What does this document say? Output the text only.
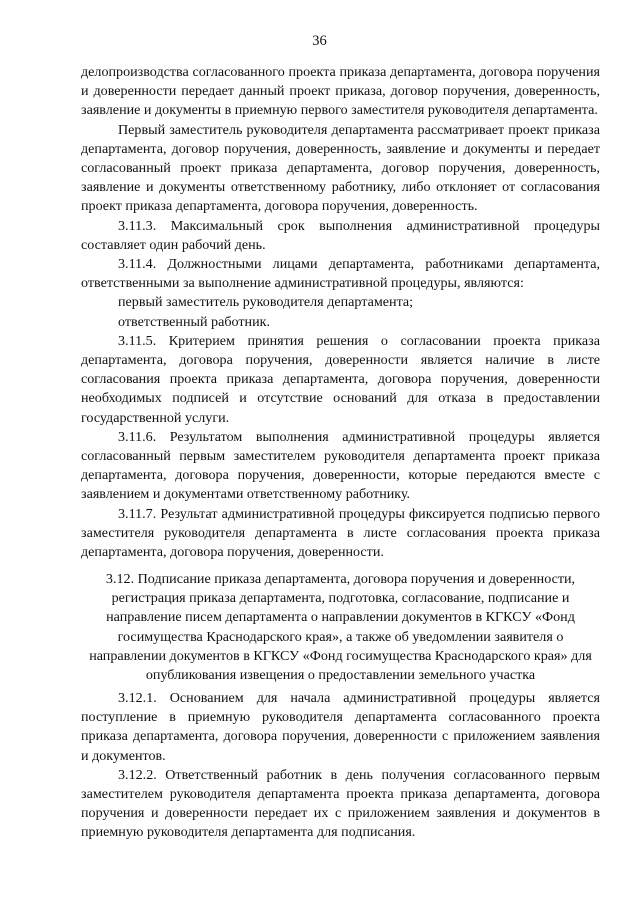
36

делопроизводства согласованного проекта приказа департамента, договора поручения и доверенности передает данный проект приказа, договор поручения, доверенность, заявление и документы в приемную первого заместителя руководителя департамента.

Первый заместитель руководителя департамента рассматривает проект приказа департамента, договор поручения, доверенность, заявление и документы и передает согласованный проект приказа департамента, договор поручения, доверенность, заявление и документы ответственному работнику, либо отклоняет от согласования проект приказа департамента, договора поручения, доверенность.

3.11.3. Максимальный срок выполнения административной процедуры составляет один рабочий день.

3.11.4. Должностными лицами департамента, работниками департамента, ответственными за выполнение административной процедуры, являются:

первый заместитель руководителя департамента;

ответственный работник.

3.11.5. Критерием принятия решения о согласовании проекта приказа департамента, договора поручения, доверенности является наличие в листе согласования проекта приказа департамента, договора поручения, доверенности необходимых подписей и отсутствие оснований для отказа в предоставлении государственной услуги.

3.11.6. Результатом выполнения административной процедуры является согласованный первым заместителем руководителя департамента проект приказа департамента, договора поручения, доверенности, которые передаются вместе с заявлением и документами ответственному работнику.

3.11.7. Результат административной процедуры фиксируется подписью первого заместителя руководителя департамента в листе согласования проекта приказа департамента, договора поручения, доверенности.

3.12. Подписание приказа департамента, договора поручения и доверенности, регистрация приказа департамента, подготовка, согласование, подписание и направление писем департамента о направлении документов в КГКСУ «Фонд госимущества Краснодарского края», а также об уведомлении заявителя о направлении документов в КГКСУ «Фонд госимущества Краснодарского края» для опубликования извещения о предоставлении земельного участка

3.12.1. Основанием для начала административной процедуры является поступление в приемную руководителя департамента согласованного проекта приказа департамента, договора поручения, доверенности с приложением заявления и документов.

3.12.2. Ответственный работник в день получения согласованного первым заместителем руководителя департамента проекта приказа департамента, договора поручения и доверенности передает их с приложением заявления и документов в приемную руководителя департамента для подписания.
